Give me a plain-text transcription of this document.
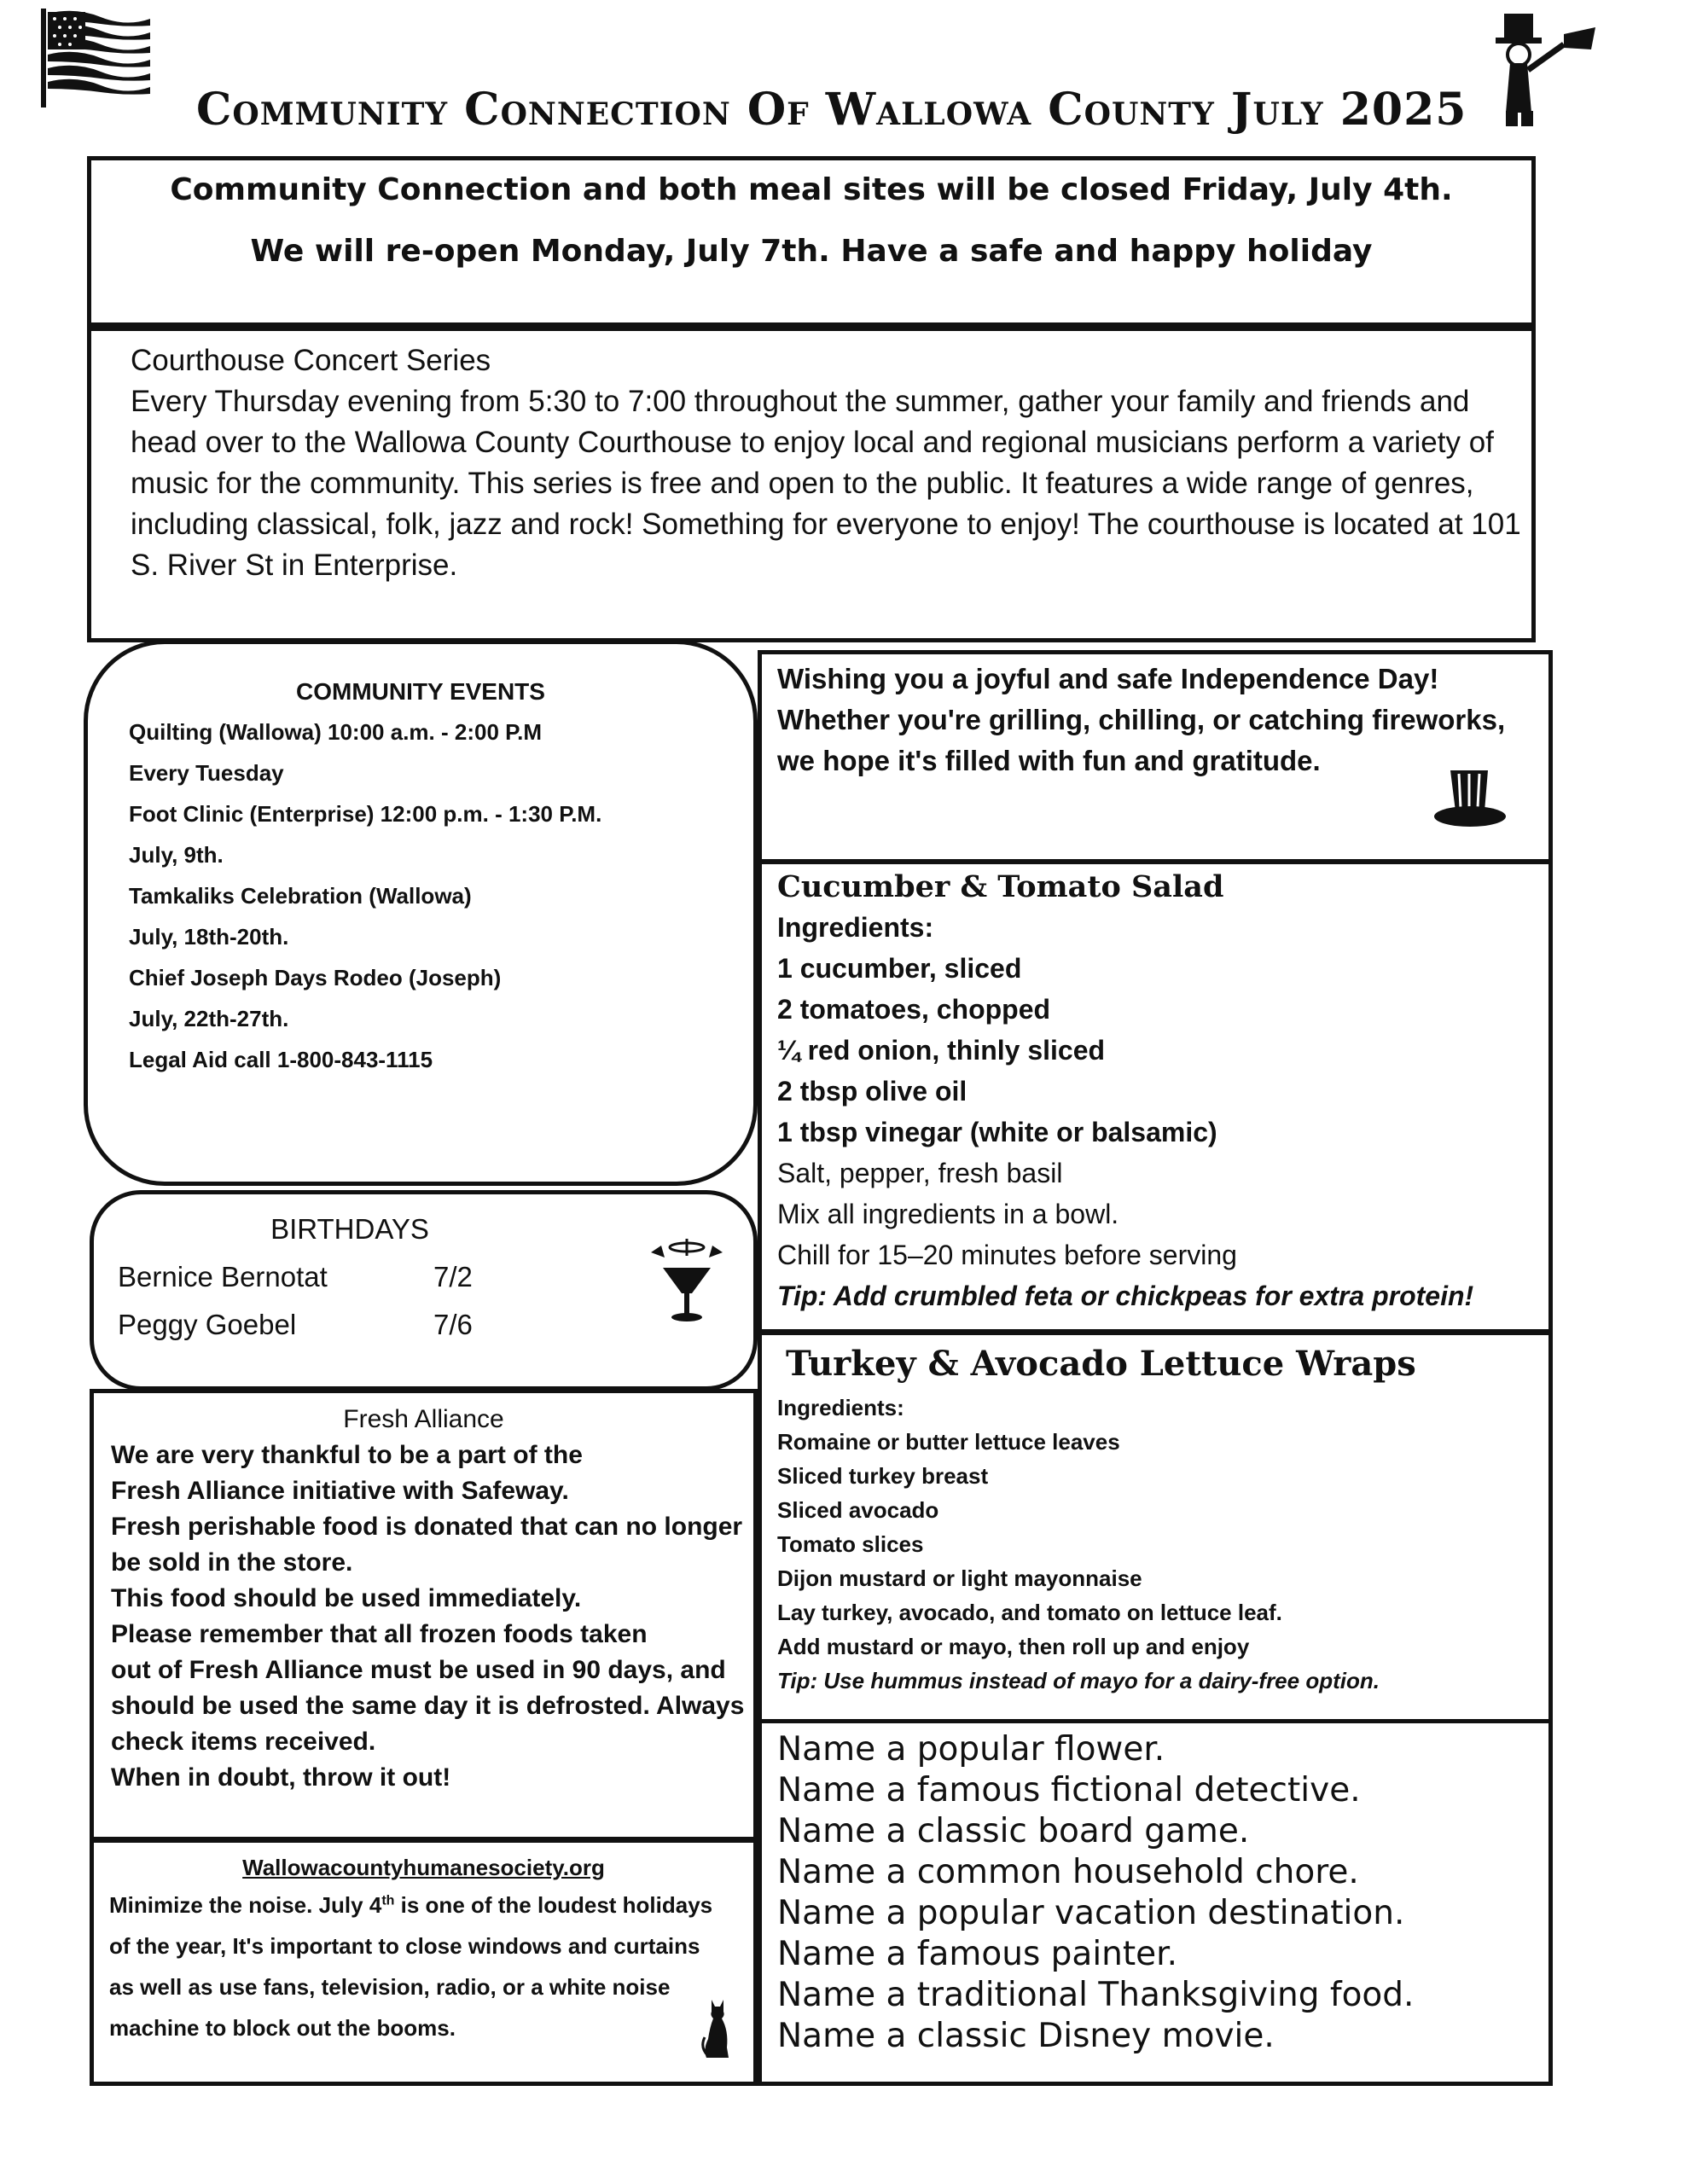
Community Connection Of Wallowa County July 2025
Community Connection and both meal sites will be closed Friday, July 4th.
We will re-open Monday, July 7th. Have a safe and happy holiday
Courthouse Concert Series
Every Thursday evening from 5:30 to 7:00 throughout the summer, gather your family and friends and
head over to the Wallowa County Courthouse to enjoy local and regional musicians perform a variety of
music for the community. This series is free and open to the public. It features a wide range of genres,
including classical, folk, jazz and rock! Something for everyone to enjoy! The courthouse is located at 101
S. River St in Enterprise.
COMMUNITY EVENTS
Quilting (Wallowa) 10:00 a.m. - 2:00 P.M
Every Tuesday
Foot Clinic (Enterprise) 12:00 p.m. - 1:30 P.M.
July, 9th.
Tamkaliks Celebration (Wallowa)
July, 18th-20th.
Chief Joseph Days Rodeo (Joseph)
July, 22th-27th.
Legal Aid call 1-800-843-1115
BIRTHDAYS
Bernice Bernotat	7/2
Peggy Goebel	7/6
Fresh Alliance
We are very thankful to be a part of the
Fresh Alliance initiative with Safeway.
Fresh perishable food is donated that can no longer
be sold in the store.
This food should be used immediately.
Please remember that all frozen foods taken
out of Fresh Alliance must be used in 90 days, and
should be used the same day it is defrosted. Always
check items received.
When in doubt, throw it out!
Wallowacountyhumanesociety.org
Minimize the noise. July 4th is one of the loudest holidays
of the year, It's important to close windows and curtains
as well as use fans, television, radio, or a white noise
machine to block out the booms.
Wishing you a joyful and safe Independence Day!
Whether you're grilling, chilling, or catching fireworks,
we hope it's filled with fun and gratitude.
Cucumber & Tomato Salad
Ingredients:
1 cucumber, sliced
2 tomatoes, chopped
¼ red onion, thinly sliced
2 tbsp olive oil
1 tbsp vinegar (white or balsamic)
Salt, pepper, fresh basil
Mix all ingredients in a bowl.
Chill for 15–20 minutes before serving
Tip: Add crumbled feta or chickpeas for extra protein!
Turkey & Avocado Lettuce Wraps
Ingredients:
Romaine or butter lettuce leaves
Sliced turkey breast
Sliced avocado
Tomato slices
Dijon mustard or light mayonnaise
Lay turkey, avocado, and tomato on lettuce leaf.
Add mustard or mayo, then roll up and enjoy
Tip: Use hummus instead of mayo for a dairy-free option.
Name a popular flower.
Name a famous fictional detective.
Name a classic board game.
Name a common household chore.
Name a popular vacation destination.
Name a famous painter.
Name a traditional Thanksgiving food.
Name a classic Disney movie.
